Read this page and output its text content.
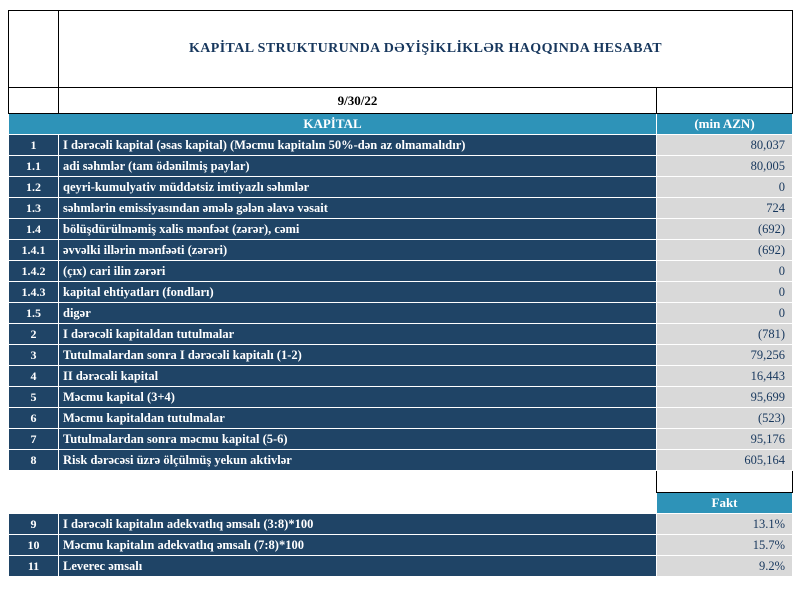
	KAPİTAL STRUKTURUNDA DƏYİŞİKLİKLƏR HAQQINDA HESABAT	
	9/30/22	
KAPİTAL		(min AZN)
1	I dərəcəli kapital (əsas kapital) (Məcmu kapitalın 50%-dən az olmamalıdır)	80,037
1.1	adi səhmlər (tam ödənilmiş paylar)	80,005
1.2	qeyri-kumulyativ müddətsiz imtiyazlı səhmlər	0
1.3	səhmlərin emissiyasından əmələ gələn əlavə vəsait	724
1.4	bölüşdürülməmiş xalis mənfəət (zərər), cəmi	(692)
1.4.1	əvvəlki illərin mənfəəti (zərəri)	(692)
1.4.2	(çıx) cari ilin zərəri	0
1.4.3	kapital ehtiyatları (fondları)	0
1.5	digər	0
2	I dərəcəli kapitaldan tutulmalar	(781)
3	Tutulmalardan sonra I dərəcəli kapitalı (1-2)	79,256
4	II dərəcəli kapital	16,443
5	Məcmu kapital (3+4)	95,699
6	Məcmu kapitaldan tutulmalar	(523)
7	Tutulmalardan sonra məcmu kapital (5-6)	95,176
8	Risk dərəcəsi üzrə ölçülmüş yekun aktivlər	605,164

		Fakt
9	I dərəcəli kapitalın adekvatlıq əmsalı (3:8)*100	13.1%
10	Məcmu kapitalın adekvatlıq əmsalı (7:8)*100	15.7%
11	Leverec əmsalı	9.2%
